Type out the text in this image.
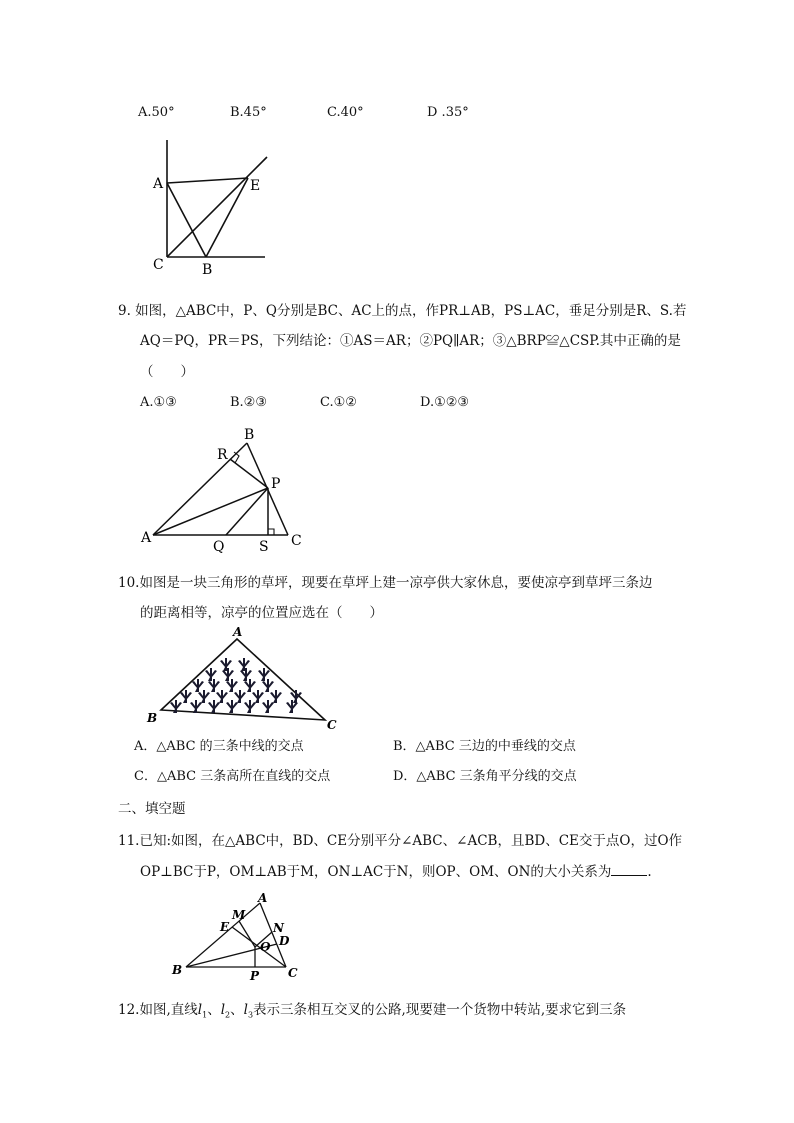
A.50°	B.45°	C.40°	D .35°
A	E
C	B
9. 如图，△ABC中，P、Q分别是BC、AC上的点，作PR⊥AB，PS⊥AC，垂足分别是R、S.若
AQ＝PQ，PR＝PS，下列结论：①AS＝AR；②PQ∥AR；③△BRP≌△CSP.其中正确的是
（　　）
A.①③	B.②③	C.①②	D.①②③
B
R
P
A
Q S C
10.如图是一块三角形的草坪，现要在草坪上建一凉亭供大家休息，要使凉亭到草坪三条边
的距离相等，凉亭的位置应选在（　　）
A
B	C
A．△ABC 的三条中线的交点	B．△ABC 三边的中垂线的交点
C．△ABC 三条高所在直线的交点	D．△ABC 三条角平分线的交点
二、填空题
11.已知:如图，在△ABC中，BD、CE分别平分∠ABC、∠ACB，且BD、CE交于点O，过O作
OP⊥BC于P，OM⊥AB于M，ON⊥AC于N，则OP、OM、ON的大小关系为	.
A
M
E	N
O D
B	P C
12.如图,直线$l_1$、$l_2$、$l_3$表示三条相互交叉的公路,现要建一个货物中转站,要求它到三条
